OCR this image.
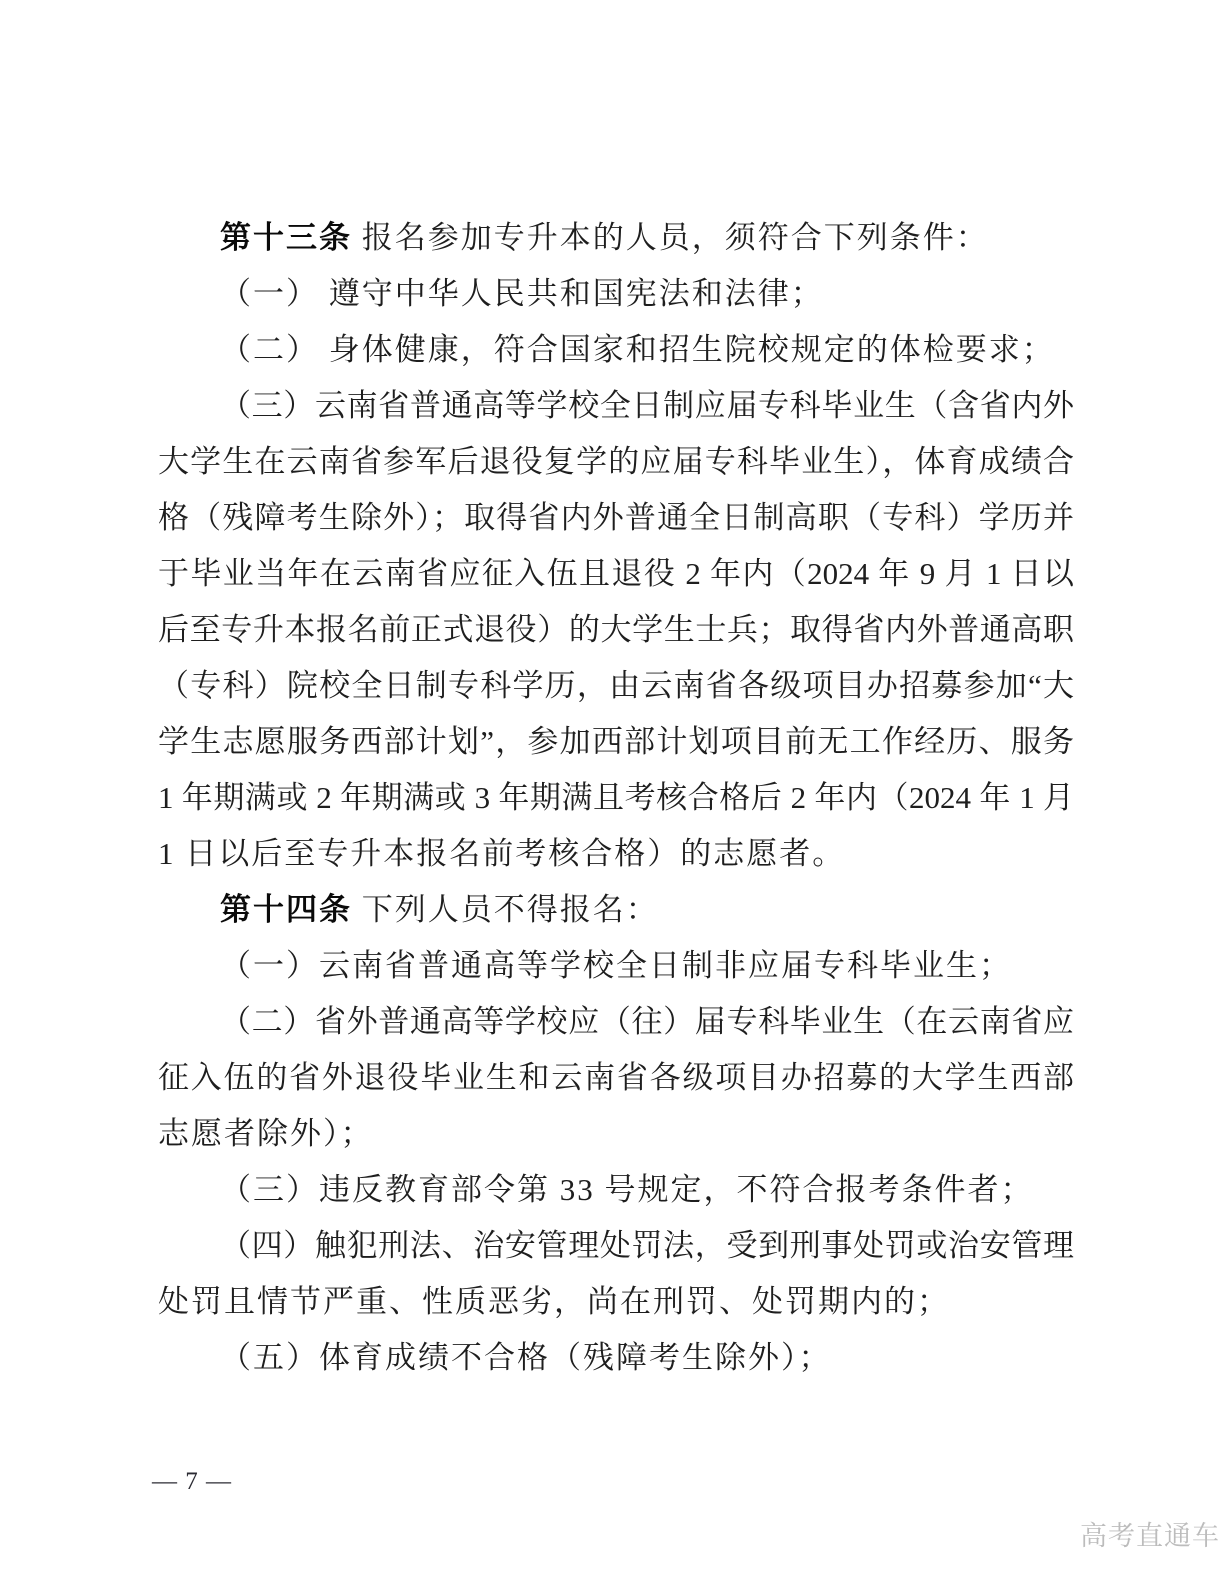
第十三条 报名参加专升本的人员，须符合下列条件：
（一） 遵守中华人民共和国宪法和法律；
（二） 身体健康，符合国家和招生院校规定的体检要求；
（三）云南省普通高等学校全日制应届专科毕业生（含省内外
大学生在云南省参军后退役复学的应届专科毕业生），体育成绩合
格（残障考生除外）；取得省内外普通全日制高职（专科）学历并
于毕业当年在云南省应征入伍且退役 2 年内（2024 年 9 月 1 日以
后至专升本报名前正式退役）的大学生士兵；取得省内外普通高职
（专科）院校全日制专科学历，由云南省各级项目办招募参加“大
学生志愿服务西部计划”，参加西部计划项目前无工作经历、服务
1 年期满或 2 年期满或 3 年期满且考核合格后 2 年内（2024 年 1 月
1 日以后至专升本报名前考核合格）的志愿者。
第十四条 下列人员不得报名：
（一）云南省普通高等学校全日制非应届专科毕业生；
（二）省外普通高等学校应（往）届专科毕业生（在云南省应
征入伍的省外退役毕业生和云南省各级项目办招募的大学生西部
志愿者除外）；
（三）违反教育部令第 33 号规定，不符合报考条件者；
（四）触犯刑法、治安管理处罚法，受到刑事处罚或治安管理
处罚且情节严重、性质恶劣，尚在刑罚、处罚期内的；
（五）体育成绩不合格（残障考生除外）；
— 7 —
高考直通车
